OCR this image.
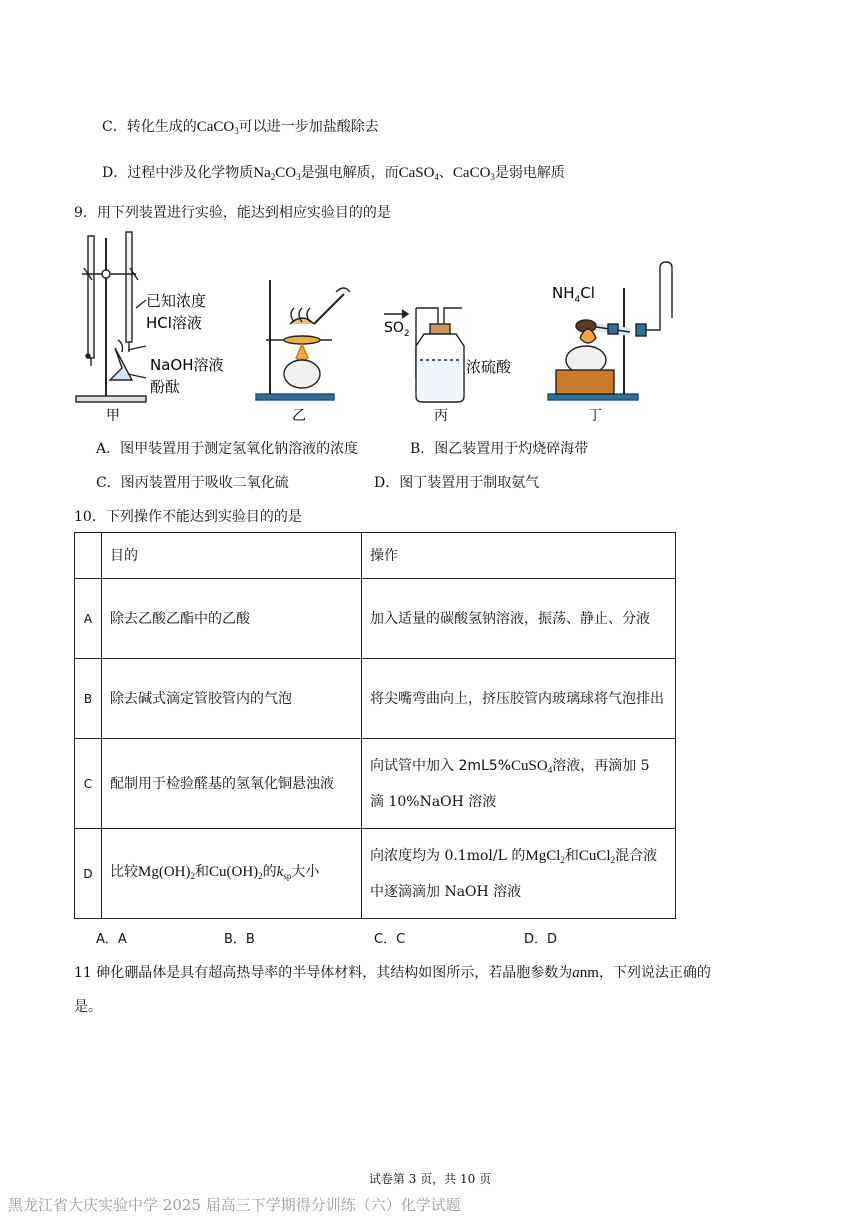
C．转化生成的CaCO$_3$可以进一步加盐酸除去
D．过程中涉及化学物质$Na_2CO_3$是强电解质，而CaSO$_4$、CaCO$_3$是弱电解质
9．用下列装置进行实验，能达到相应实验目的的是
已知浓度
HCl溶液
NaOH溶液
酚酞
甲	乙
$SO_2$
浓硫酸
丙
$NH_4Cl$
丁
A．图甲装置用于测定氢氧化钠溶液的浓度	B．图乙装置用于灼烧碎海带
C．图丙装置用于吸收二氧化硫	D．图丁装置用于制取氨气
10．下列操作不能达到实验目的的是
	目的	操作
A	除去乙酸乙酯中的乙酸	加入适量的碳酸氢钠溶液，振荡、静止、分液
B	除去碱式滴定管胶管内的气泡	将尖嘴弯曲向上，挤压胶管内玻璃球将气泡排出
C	配制用于检验醛基的氢氧化铜悬浊液	向试管中加入 2mL5%CuSO$_4$溶液，再滴加 5 滴 10%NaOH 溶液
D	比较$Mg(OH)_2$和$Cu(OH)_2$的$k_{sp}$大小	向浓度均为 0.1mol/L 的MgCl$_2$和CuCl$_2$混合液中逐滴滴加 NaOH 溶液
A．A	B．B	C．C	D．D
11 砷化硼晶体是具有超高热导率的半导体材料，其结构如图所示，若晶胞参数为anm，下列说法正确的
是。
试卷第 3 页，共 10 页
黑龙江省大庆实验中学 2025 届高三下学期得分训练（六）化学试题
